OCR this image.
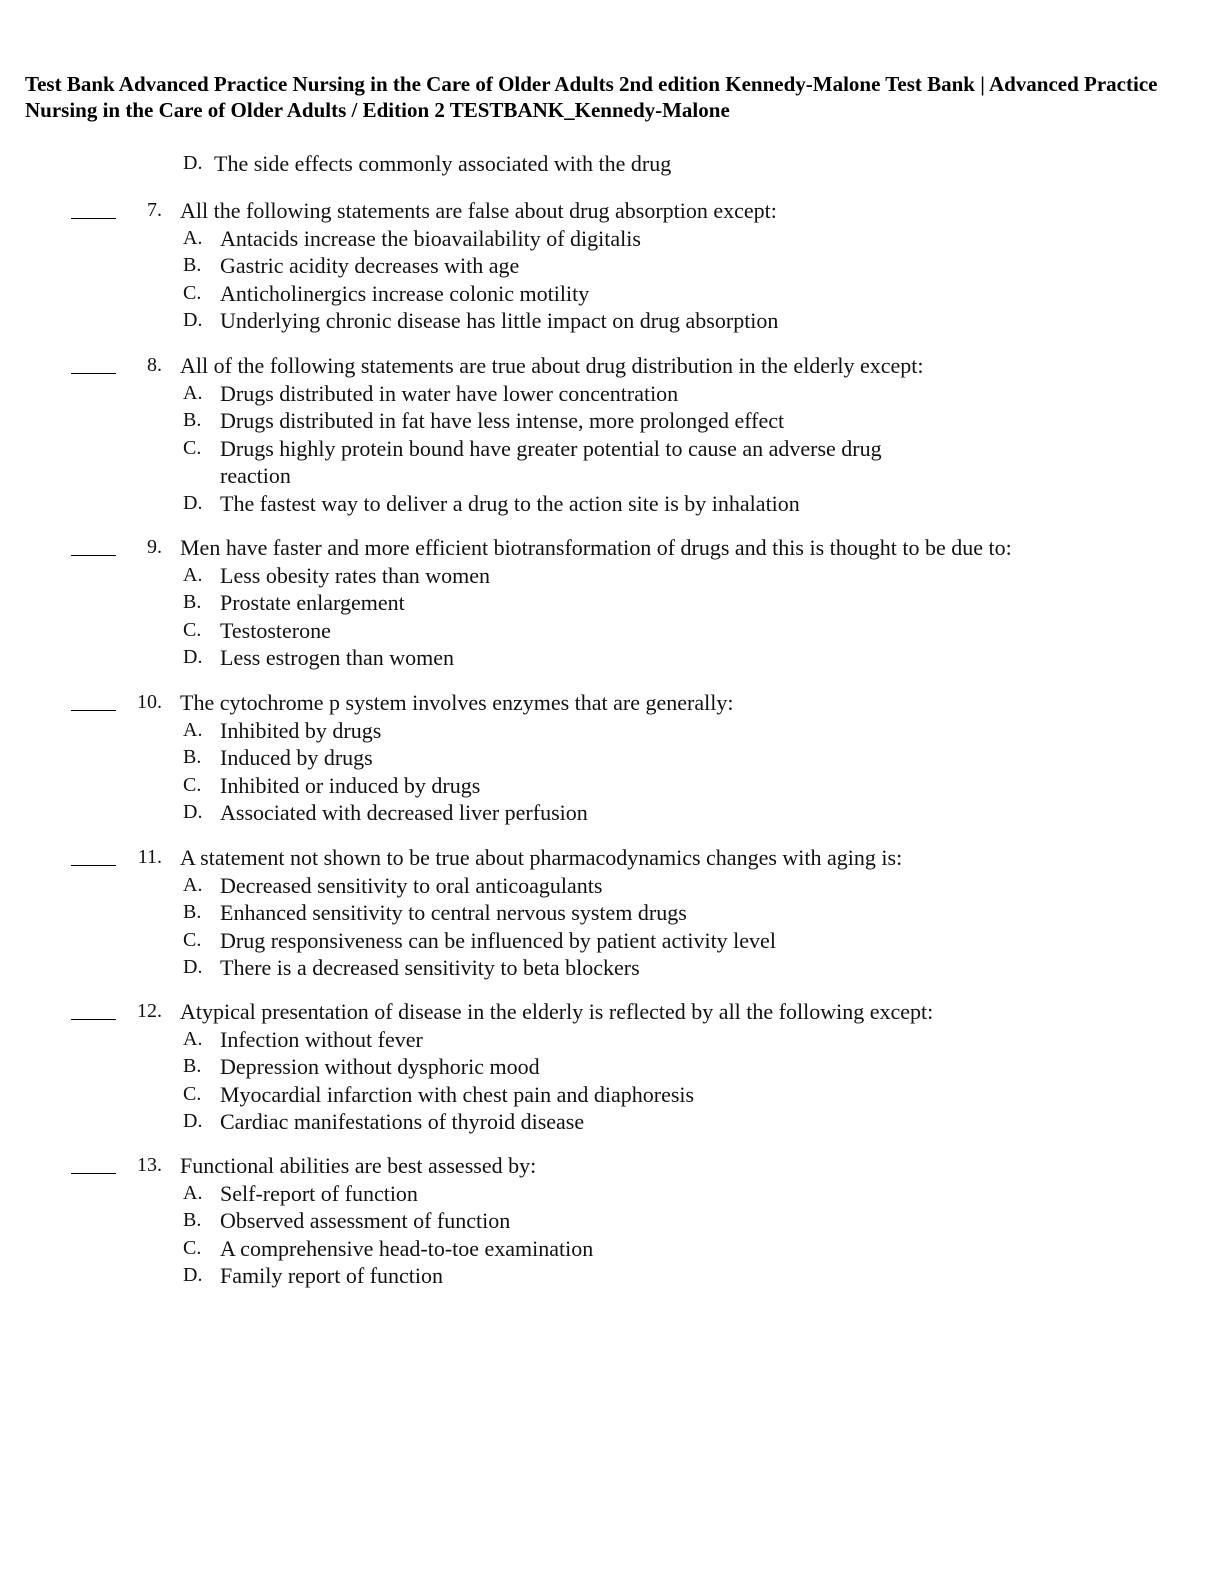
Test Bank Advanced Practice Nursing in the Care of Older Adults 2nd edition Kennedy-Malone Test Bank | Advanced Practice Nursing in the Care of Older Adults / Edition 2 TESTBANK_Kennedy-Malone
D. The side effects commonly associated with the drug
7. All the following statements are false about drug absorption except:
A. Antacids increase the bioavailability of digitalis
B. Gastric acidity decreases with age
C. Anticholinergics increase colonic motility
D. Underlying chronic disease has little impact on drug absorption
8. All of the following statements are true about drug distribution in the elderly except:
A. Drugs distributed in water have lower concentration
B. Drugs distributed in fat have less intense, more prolonged effect
C. Drugs highly protein bound have greater potential to cause an adverse drug
reaction
D. The fastest way to deliver a drug to the action site is by inhalation
9. Men have faster and more efficient biotransformation of drugs and this is thought to be due to:
A. Less obesity rates than women
B. Prostate enlargement
C. Testosterone
D. Less estrogen than women
10. The cytochrome p system involves enzymes that are generally:
A. Inhibited by drugs
B. Induced by drugs
C. Inhibited or induced by drugs
D. Associated with decreased liver perfusion
11. A statement not shown to be true about pharmacodynamics changes with aging is:
A. Decreased sensitivity to oral anticoagulants
B. Enhanced sensitivity to central nervous system drugs
C. Drug responsiveness can be influenced by patient activity level
D. There is a decreased sensitivity to beta blockers
12. Atypical presentation of disease in the elderly is reflected by all the following except:
A. Infection without fever
B. Depression without dysphoric mood
C. Myocardial infarction with chest pain and diaphoresis
D. Cardiac manifestations of thyroid disease
13. Functional abilities are best assessed by:
A. Self-report of function
B. Observed assessment of function
C. A comprehensive head-to-toe examination
D. Family report of function
